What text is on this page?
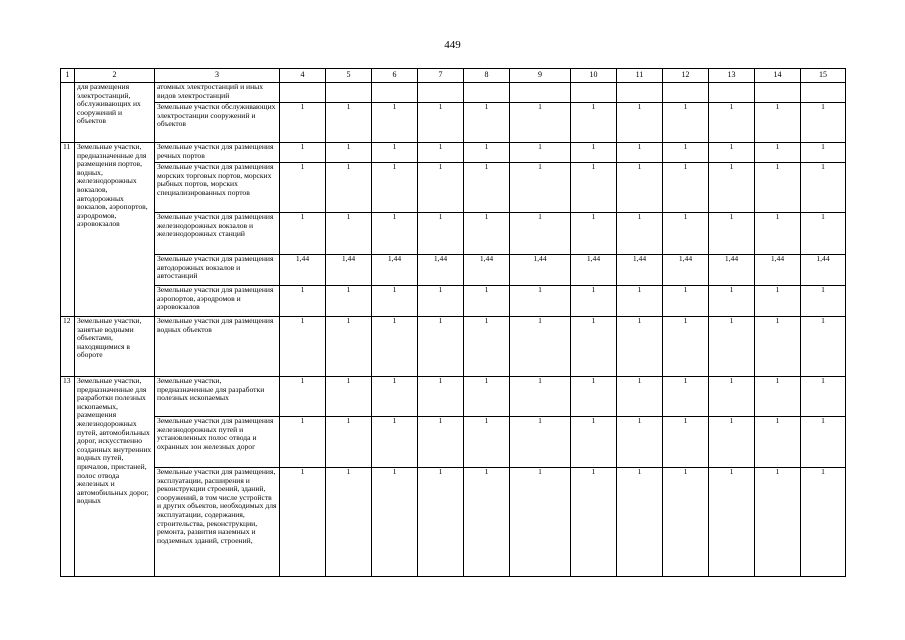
449
1	2	3	4	5	6	7	8	9	10	11	12	13	14	15
	для размещения электростанций, обслуживающих их сооружений и объектов	атомных электростанций и иных видов электростанций												
		Земельные участки обслуживающих электростанции сооружений и объектов	1	1	1	1	1	1	1	1	1	1	1	1
11	Земельные участки, предназначенные для размещения портов, водных, железнодорожных вокзалов, автодорожных вокзалов, аэропортов, аэродромов, аэровокзалов	Земельные участки для размещения речных портов	1	1	1	1	1	1	1	1	1	1	1	1
		Земельные участки для размещения морских торговых портов, морских рыбных портов, морских специализированных портов	1	1	1	1	1	1	1	1	1	1	1	1
		Земельные участки для размещения железнодорожных вокзалов и железнодорожных станций	1	1	1	1	1	1	1	1	1	1	1	1
		Земельные участки для размещения автодорожных вокзалов и автостанций	1,44	1,44	1,44	1,44	1,44	1,44	1,44	1,44	1,44	1,44	1,44	1,44
		Земельные участки для размещения аэропортов, аэродромов и аэровокзалов	1	1	1	1	1	1	1	1	1	1	1	1
12	Земельные участки, занятые водными объектами, находящимися в обороте	Земельные участки для размещения водных объектов	1	1	1	1	1	1	1	1	1	1	1	1
13	Земельные участки, предназначенные для разработки полезных ископаемых, размещения железнодорожных путей, автомобильных дорог, искусственно созданных внутренних водных путей, причалов, пристаней, полос отвода железных и автомобильных дорог, водных	Земельные участки, предназначенные для разработки полезных ископаемых	1	1	1	1	1	1	1	1	1	1	1	1
		Земельные участки для размещения железнодорожных путей и установленных полос отвода и охранных зон железных дорог	1	1	1	1	1	1	1	1	1	1	1	1
		Земельные участки для размещения, эксплуатации, расширения и реконструкции строений, зданий, сооружений, в том числе устройств и других объектов, необходимых для эксплуатации, содержания, строительства, реконструкции, ремонта, развития наземных и подземных зданий, строений,	1	1	1	1	1	1	1	1	1	1	1	1
